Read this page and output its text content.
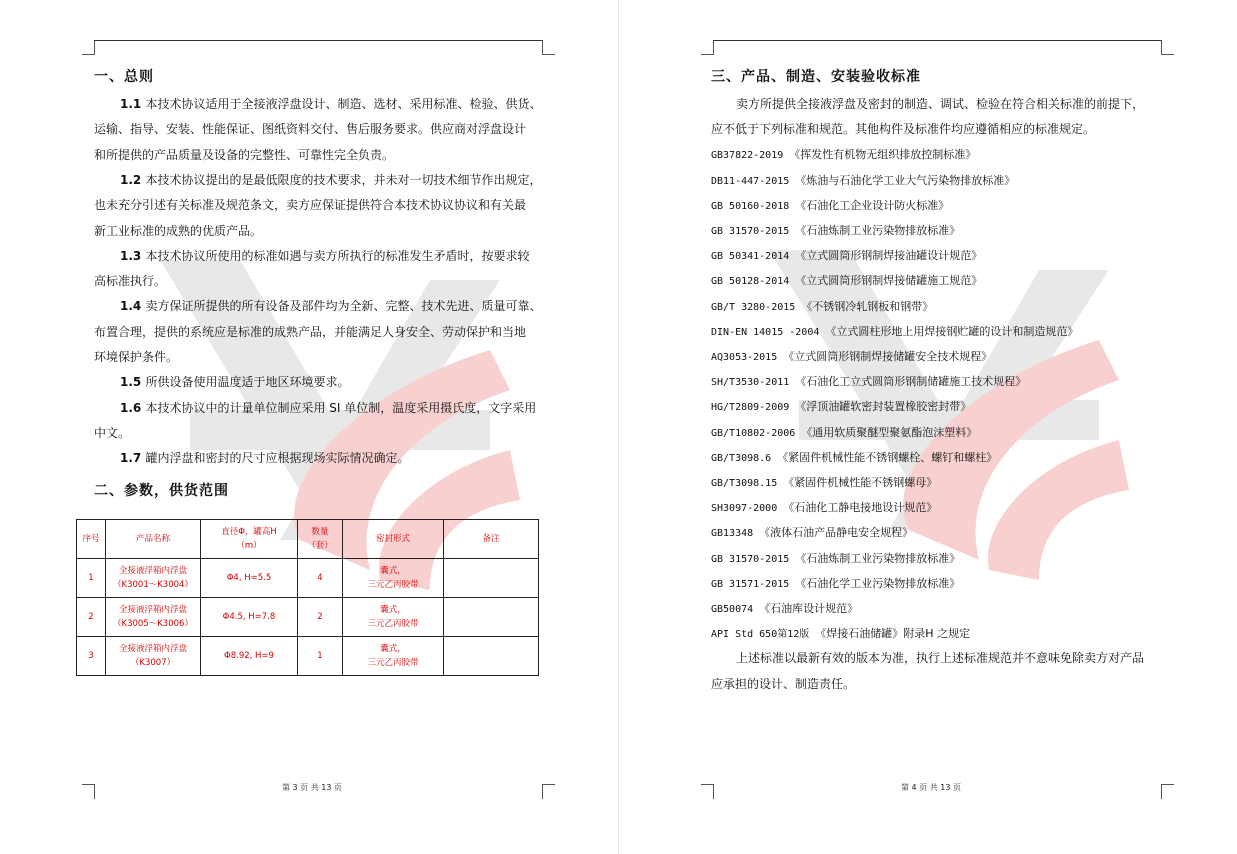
一、总则
1.1 本技术协议适用于全接液浮盘设计、制造、选材、采用标准、检验、供货、
运输、指导、安装、性能保证、图纸资料交付、售后服务要求。供应商对浮盘设计
和所提供的产品质量及设备的完整性、可靠性完全负责。
1.2 本技术协议提出的是最低限度的技术要求，并未对一切技术细节作出规定，
也未充分引述有关标准及规范条文，卖方应保证提供符合本技术协议协议和有关最
新工业标准的成熟的优质产品。
1.3 本技术协议所使用的标准如遇与卖方所执行的标准发生矛盾时，按要求较
高标准执行。
1.4 卖方保证所提供的所有设备及部件均为全新、完整、技术先进、质量可靠、
布置合理，提供的系统应是标准的成熟产品，并能满足人身安全、劳动保护和当地
环境保护条件。
1.5 所供设备使用温度适于地区环境要求。
1.6 本技术协议中的计量单位制应采用 SI 单位制，温度采用摄氏度，文字采用
中文。
1.7 罐内浮盘和密封的尺寸应根据现场实际情况确定。
二、参数，供货范围
序号	产品名称	直径Φ，罐高H
（m）	数量
（套）	密封形式	备注
1	全接液浮箱内浮盘
（K3001～K3004）	Φ4, H=5.5	4	囊式，
三元乙丙胶带	
2	全接液浮箱内浮盘
（K3005～K3006）	Φ4.5, H=7.8	2	囊式，
三元乙丙胶带	
3	全接液浮箱内浮盘
（K3007）	Φ8.92, H=9	1	囊式，
三元乙丙胶带	
第 3 页 共 13 页
三、产品、制造、安装验收标准
卖方所提供全接液浮盘及密封的制造、调试、检验在符合相关标准的前提下，
应不低于下列标准和规范。其他构件及标准件均应遵循相应的标准规定。
GB37822-2019 《挥发性有机物无组织排放控制标准》
DB11-447-2015 《炼油与石油化学工业大气污染物排放标准》
GB 50160-2018 《石油化工企业设计防火标准》
GB 31570-2015 《石油炼制工业污染物排放标准》
GB 50341-2014 《立式圆筒形钢制焊接油罐设计规范》
GB 50128-2014 《立式圆筒形钢制焊接储罐施工规范》
GB/T 3280-2015 《不锈钢冷轧钢板和钢带》
DIN-EN 14015 -2004 《立式圆柱形地上用焊接钢贮罐的设计和制造规范》
AQ3053-2015 《立式圆筒形钢制焊接储罐安全技术规程》
SH/T3530-2011 《石油化工立式圆筒形钢制储罐施工技术规程》
HG/T2809-2009 《浮顶油罐软密封装置橡胶密封带》
GB/T10802-2006 《通用软质聚醚型聚氨酯泡沫塑料》
GB/T3098.6 《紧固件机械性能不锈钢螺栓、螺钉和螺柱》
GB/T3098.15 《紧固件机械性能不锈钢螺母》
SH3097-2000 《石油化工静电接地设计规范》
GB13348 《液体石油产品静电安全规程》
GB 31570-2015 《石油炼制工业污染物排放标准》
GB 31571-2015 《石油化学工业污染物排放标准》
GB50074 《石油库设计规范》
API Std 650第12版 《焊接石油储罐》附录H 之规定
上述标准以最新有效的版本为准，执行上述标准规范并不意味免除卖方对产品
应承担的设计、制造责任。
第 4 页 共 13 页
